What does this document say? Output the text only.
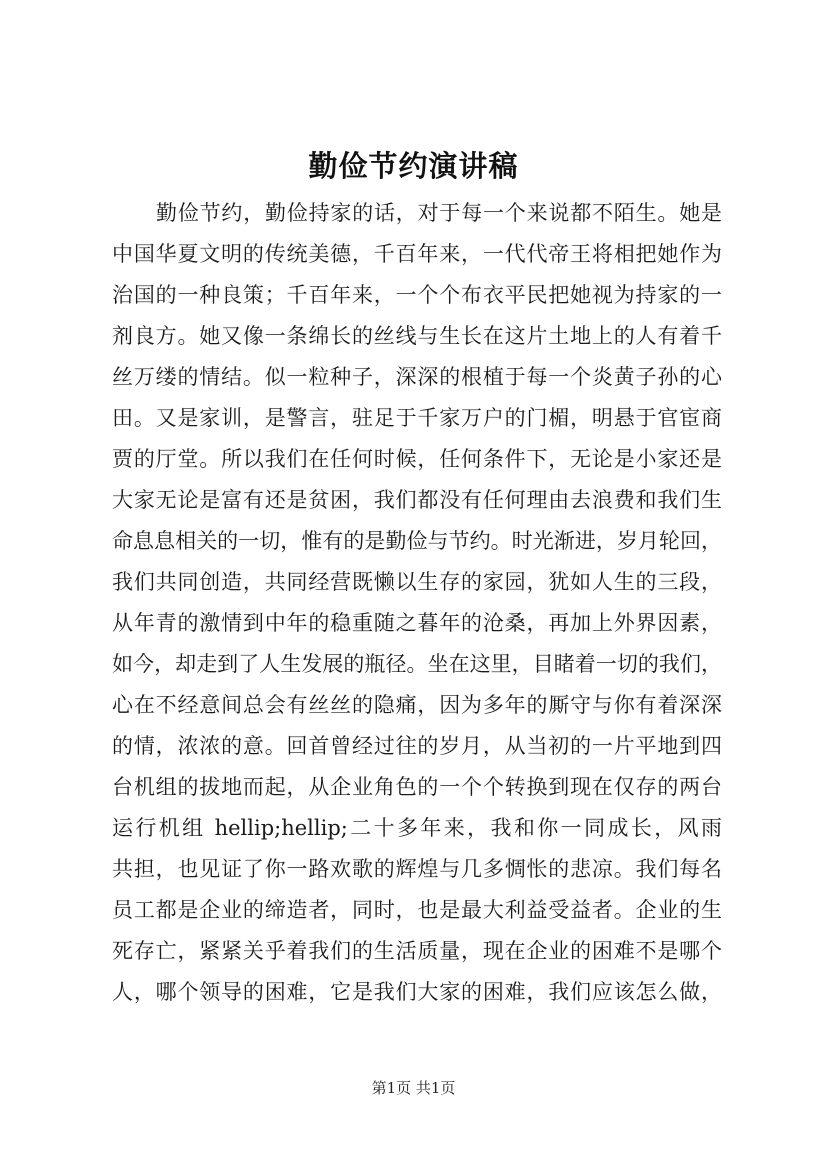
勤俭节约演讲稿
勤俭节约，勤俭持家的话，对于每一个来说都不陌生。她是
中国华夏文明的传统美德，千百年来，一代代帝王将相把她作为
治国的一种良策；千百年来，一个个布衣平民把她视为持家的一
剂良方。她又像一条绵长的丝线与生长在这片土地上的人有着千
丝万缕的情结。似一粒种子，深深的根植于每一个炎黄子孙的心
田。又是家训，是警言，驻足于千家万户的门楣，明悬于官宦商
贾的厅堂。所以我们在任何时候，任何条件下，无论是小家还是
大家无论是富有还是贫困，我们都没有任何理由去浪费和我们生
命息息相关的一切，惟有的是勤俭与节约。时光渐进，岁月轮回，
我们共同创造，共同经营既懒以生存的家园，犹如人生的三段，
从年青的激情到中年的稳重随之暮年的沧桑，再加上外界因素，
如今，却走到了人生发展的瓶径。坐在这里，目睹着一切的我们，
心在不经意间总会有丝丝的隐痛，因为多年的厮守与你有着深深
的情，浓浓的意。回首曾经过往的岁月，从当初的一片平地到四
台机组的拔地而起，从企业角色的一个个转换到现在仅存的两台
运行机组 hellip;hellip;二十多年来，我和你一同成长，风雨
共担，也见证了你一路欢歌的辉煌与几多惆怅的悲凉。我们每名
员工都是企业的缔造者，同时，也是最大利益受益者。企业的生
死存亡，紧紧关乎着我们的生活质量，现在企业的困难不是哪个
人，哪个领导的困难，它是我们大家的困难，我们应该怎么做，
第1页 共1页
